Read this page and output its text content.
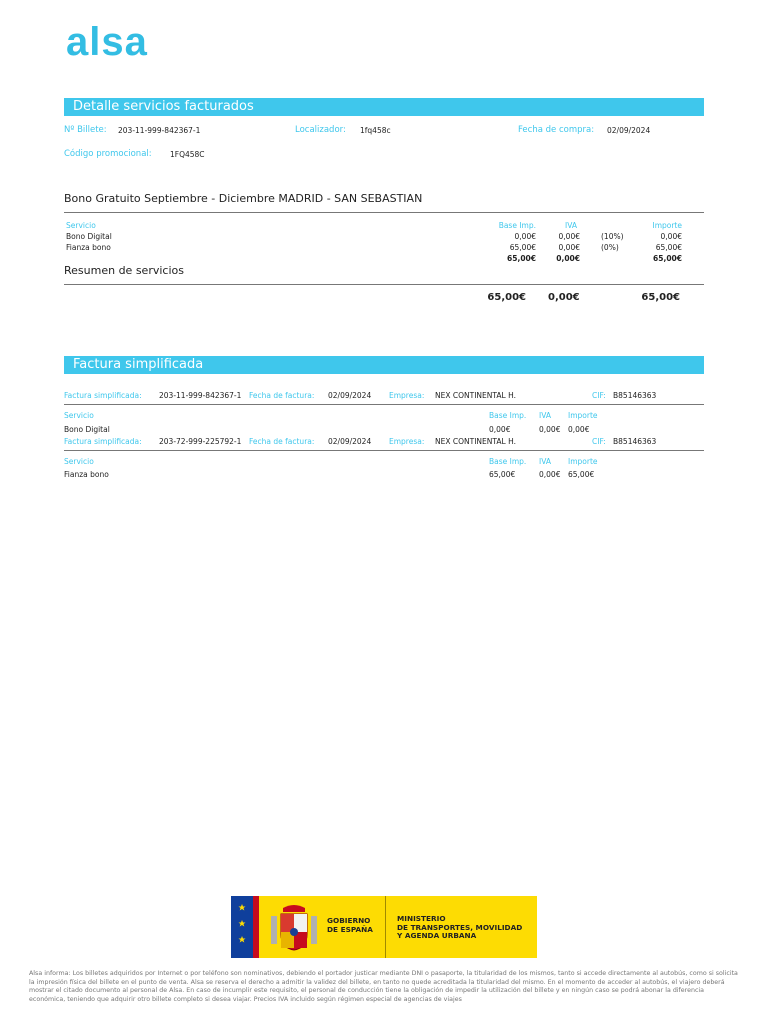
alsa
Detalle servicios facturados
Nº Billete: 203-11-999-842367-1	Localizador: 1fq458c	Fecha de compra: 02/09/2024
Código promocional: 1FQ458C
Bono Gratuito Septiembre - Diciembre MADRID - SAN SEBASTIAN
Servicio	Base Imp.	IVA	Importe
Bono Digital	0,00€	0,00€	(10%)	0,00€
Fianza bono	65,00€	0,00€	(0%)	65,00€
65,00€	0,00€	65,00€
Resumen de servicios
65,00€ 0,00€	65,00€
Factura simplificada
Factura simplificada: 203-11-999-842367-1 Fecha de factura: 02/09/2024 Empresa: NEX CONTINENTAL H.	CIF: B85146363
Servicio	Base Imp. IVA Importe
Bono Digital	0,00€	0,00€ 0,00€
Factura simplificada: 203-72-999-225792-1 Fecha de factura: 02/09/2024 Empresa: NEX CONTINENTAL H.	CIF: B85146363
Servicio	Base Imp. IVA Importe
Fianza bono	65,00€	0,00€ 65,00€
GOBIERNO
DE ESPAÑA
MINISTERIO
DE TRANSPORTES, MOVILIDAD
Y AGENDA URBANA
Alsa informa: Los billetes adquiridos por Internet o por teléfono son nominativos, debiendo el portador justicar mediante DNI o pasaporte, la titularidad de los mismos, tanto si accede directamente al autobús, como si solicita la impresión física del billete en el punto de venta. Alsa se reserva el derecho a admitir la validez del billete, en tanto no quede acreditada la titularidad del mismo. En el momento de acceder al autobús, el viajero deberá mostrar el citado documento al personal de Alsa. En caso de incumplir este requisito, el personal de conducción tiene la obligación de impedir la utilización del billete y en ningún caso se podrá abonar la diferencia económica, teniendo que adquirir otro billete completo si desea viajar. Precios IVA incluido según régimen especial de agencias de viajes
